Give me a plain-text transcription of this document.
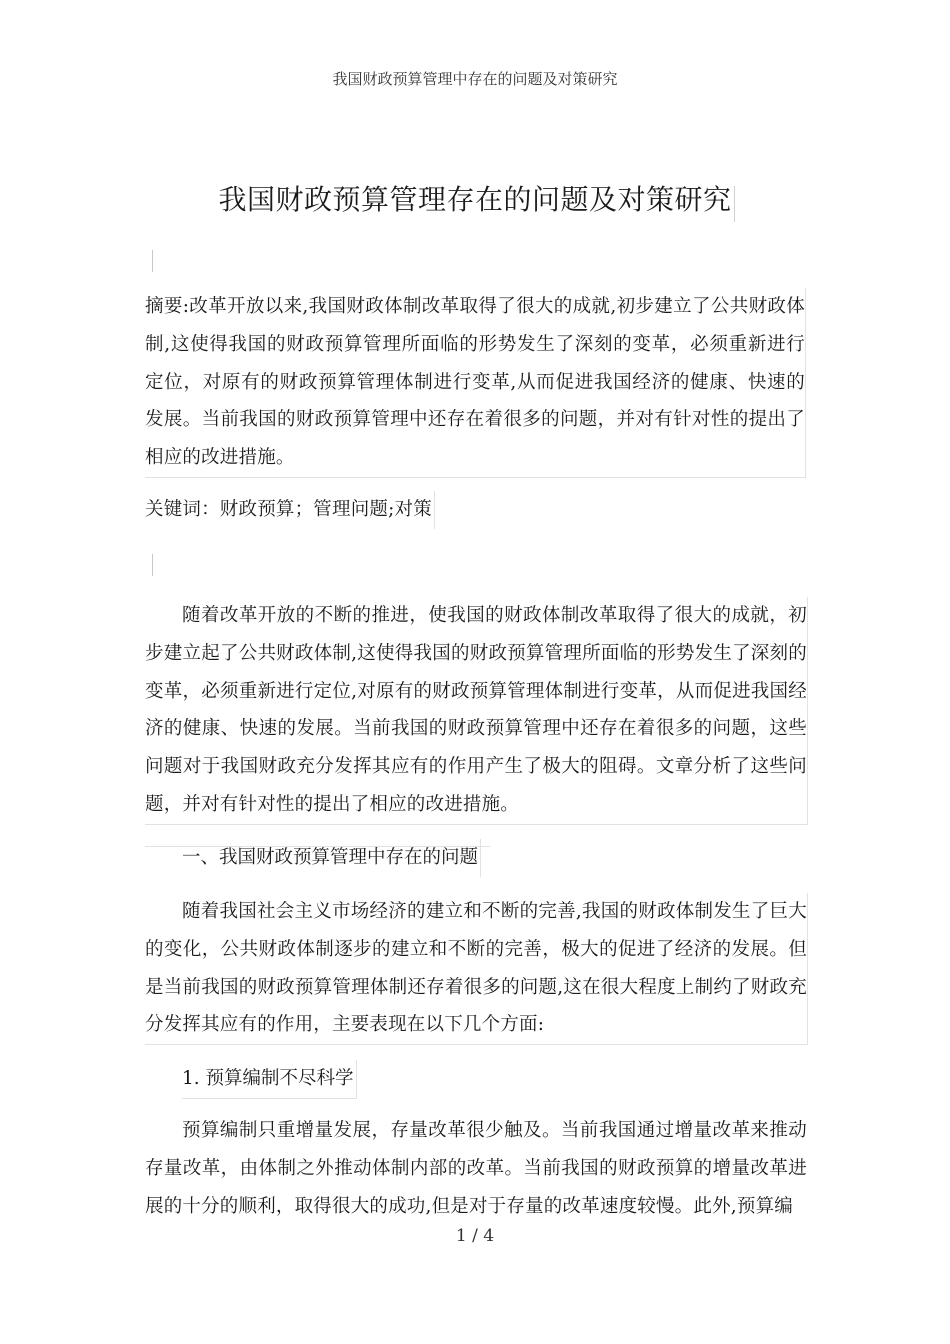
我国财政预算管理中存在的问题及对策研究
我国财政预算管理存在的问题及对策研究
摘要:改革开放以来,我国财政体制改革取得了很大的成就,初步建立了公共财政体制,这使得我国的财政预算管理所面临的形势发生了深刻的变革，必须重新进行定位，对原有的财政预算管理体制进行变革,从而促进我国经济的健康、快速的发展。当前我国的财政预算管理中还存在着很多的问题，并对有针对性的提出了相应的改进措施。
关键词：财政预算；管理问题;对策
随着改革开放的不断的推进，使我国的财政体制改革取得了很大的成就，初步建立起了公共财政体制,这使得我国的财政预算管理所面临的形势发生了深刻的变革，必须重新进行定位,对原有的财政预算管理体制进行变革，从而促进我国经济的健康、快速的发展。当前我国的财政预算管理中还存在着很多的问题，这些问题对于我国财政充分发挥其应有的作用产生了极大的阻碍。文章分析了这些问题，并对有针对性的提出了相应的改进措施。
一、我国财政预算管理中存在的问题
随着我国社会主义市场经济的建立和不断的完善,我国的财政体制发生了巨大的变化，公共财政体制逐步的建立和不断的完善，极大的促进了经济的发展。但是当前我国的财政预算管理体制还存着很多的问题,这在很大程度上制约了财政充分发挥其应有的作用，主要表现在以下几个方面:
1. 预算编制不尽科学
预算编制只重增量发展，存量改革很少触及。当前我国通过增量改革来推动存量改革，由体制之外推动体制内部的改革。当前我国的财政预算的增量改革进展的十分的顺利，取得很大的成功,但是对于存量的改革速度较慢。此外,预算编
1 / 4
